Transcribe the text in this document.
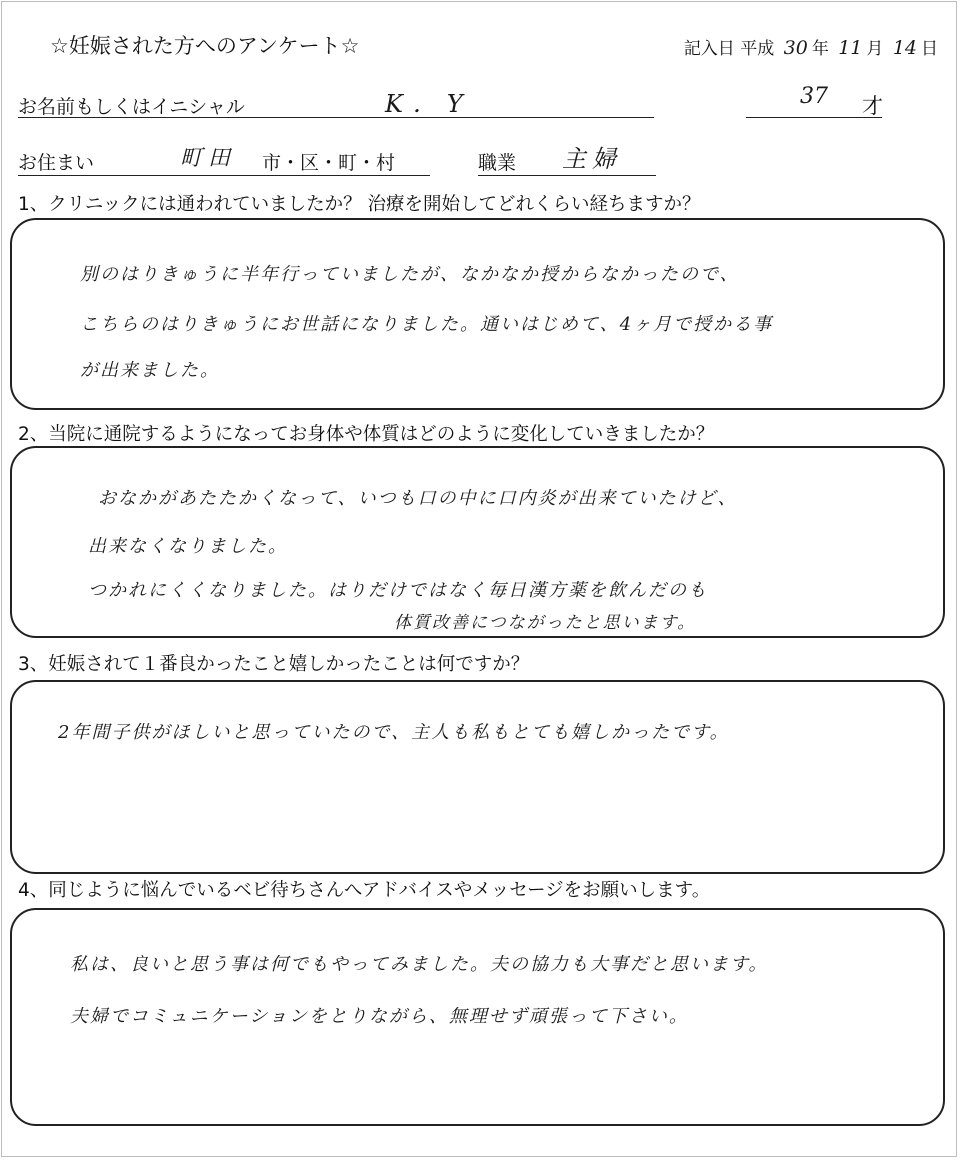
☆妊娠された方へのアンケート☆	記入日 平成 30 年 11 月 14 日
お名前もしくはイニシャル	K．Y	37 才
お住まい	町田 市・区・町・村	職業 主婦
1、クリニックには通われていましたか？ 治療を開始してどれくらい経ちますか？
別のはりきゅうに半年行っていましたが、なかなか授からなかったので、
こちらのはりきゅうにお世話になりました。通いはじめて、4ヶ月で授かる事
が出来ました。
2、当院に通院するようになってお身体や体質はどのように変化していきましたか？
おなかがあたたかくなって、いつも口の中に口内炎が出来ていたけど、
出来なくなりました。
つかれにくくなりました。はりだけではなく毎日漢方薬を飲んだのも
体質改善につながったと思います。
3、妊娠されて１番良かったこと嬉しかったことは何ですか？
2年間子供がほしいと思っていたので、主人も私もとても嬉しかったです。
4、同じように悩んでいるベビ待ちさんへアドバイスやメッセージをお願いします。
私は、良いと思う事は何でもやってみました。夫の協力も大事だと思います。
夫婦でコミュニケーションをとりながら、無理せず頑張って下さい。
